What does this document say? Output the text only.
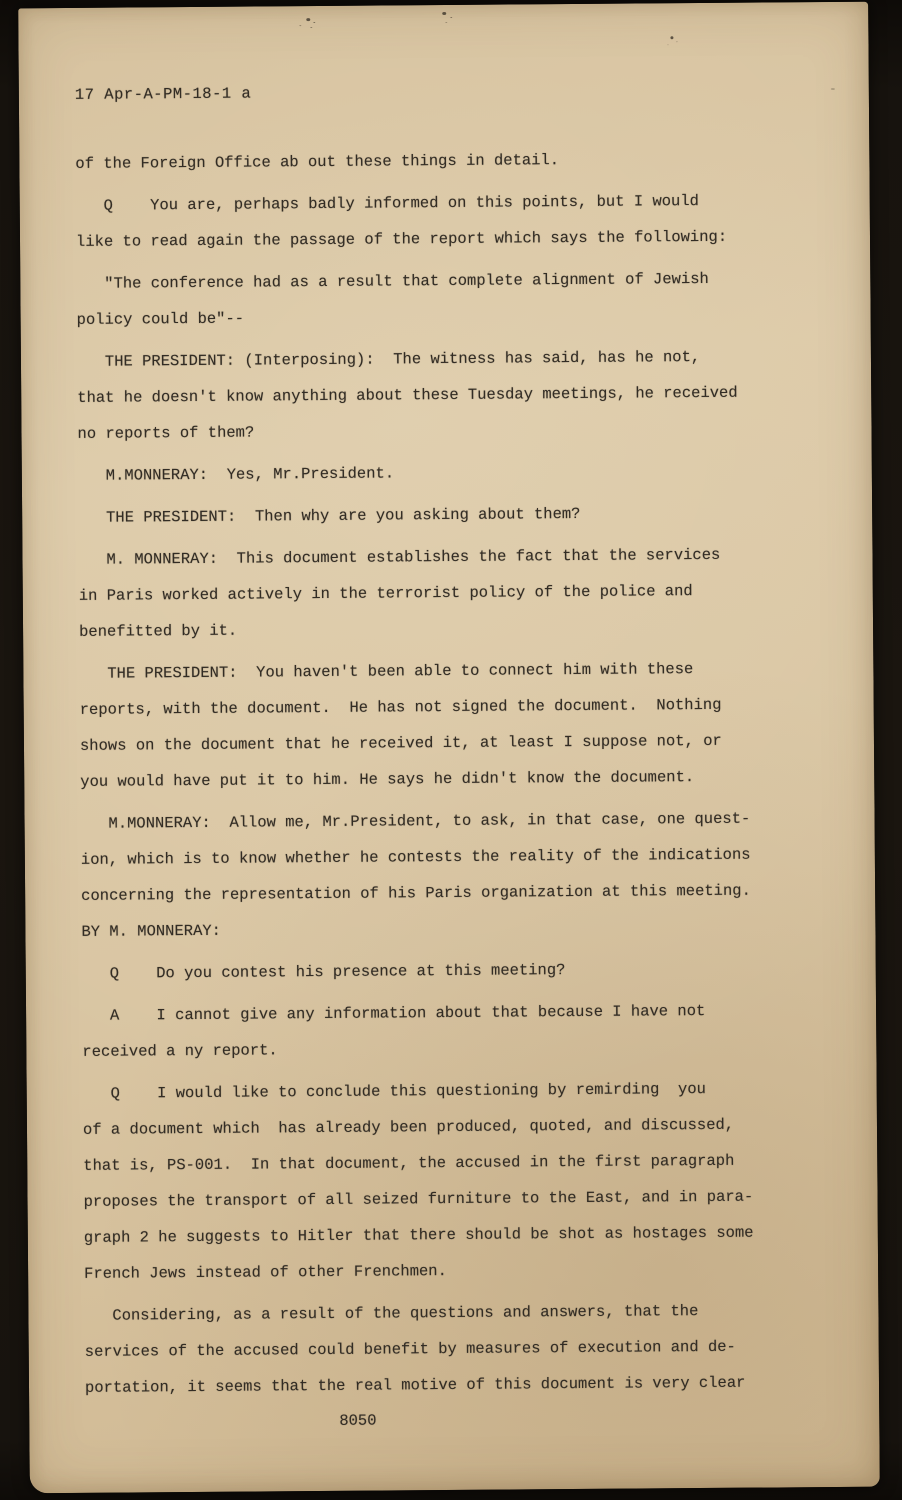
17 Apr-A-PM-18-1 a
of the Foreign Office ab out these things in detail.
Q    You are, perhaps badly informed on this points, but I would
like to read again the passage of the report which says the following:
"The conference had as a result that complete alignment of Jewish
policy could be"--
THE PRESIDENT: (Interposing):  The witness has said, has he not,
that he doesn't know anything about these Tuesday meetings, he received
no reports of them?
M.MONNERAY:  Yes, Mr.President.
THE PRESIDENT:  Then why are you asking about them?
M. MONNERAY:  This document establishes the fact that the services
in Paris worked actively in the terrorist policy of the police and
benefitted by it.
THE PRESIDENT:  You haven't been able to connect him with these
reports, with the document.  He has not signed the document.  Nothing
shows on the document that he received it, at least I suppose not, or
you would have put it to him. He says he didn't know the document.
M.MONNERAY:  Allow me, Mr.President, to ask, in that case, one quest-
ion, which is to know whether he contests the reality of the indications
concerning the representation of his Paris organization at this meeting.
BY M. MONNERAY:
Q    Do you contest his presence at this meeting?
A    I cannot give any information about that because I have not
received a ny report.
Q    I would like to conclude this questioning by remirding  you
of a document which  has already been produced, quoted, and discussed,
that is, PS-001.  In that document, the accused in the first paragraph
proposes the transport of all seized furniture to the East, and in para-
graph 2 he suggests to Hitler that there should be shot as hostages some
French Jews instead of other Frenchmen.
Considering, as a result of the questions and answers, that the
services of the accused could benefit by measures of execution and de-
portation, it seems that the real motive of this document is very clear
8050
